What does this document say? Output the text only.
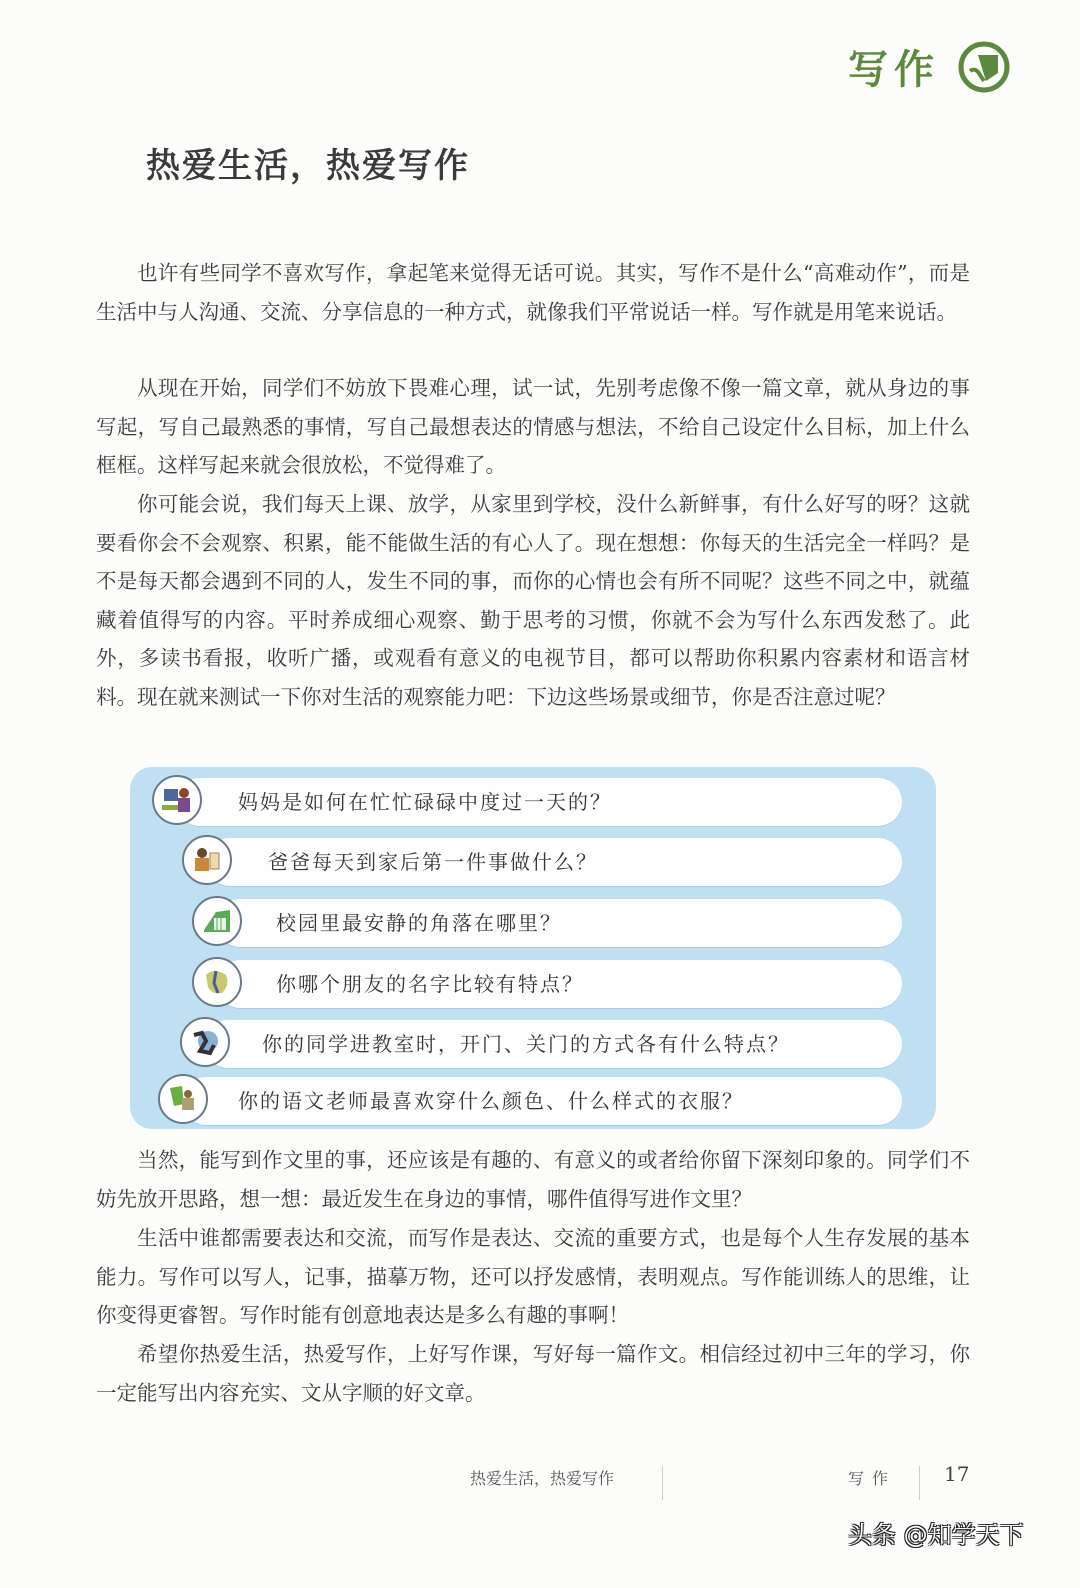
写作
热爱生活，热爱写作

也许有些同学不喜欢写作，拿起笔来觉得无话可说。其实，写作不是什么“高难动作”，而是生活中与人沟通、交流、分享信息的一种方式，就像我们平常说话一样。写作就是用笔来说话。

从现在开始，同学们不妨放下畏难心理，试一试，先别考虑像不像一篇文章，就从身边的事写起，写自己最熟悉的事情，写自己最想表达的情感与想法，不给自己设定什么目标，加上什么框框。这样写起来就会很放松，不觉得难了。

你可能会说，我们每天上课、放学，从家里到学校，没什么新鲜事，有什么好写的呀？这就要看你会不会观察、积累，能不能做生活的有心人了。现在想想：你每天的生活完全一样吗？是不是每天都会遇到不同的人，发生不同的事，而你的心情也会有所不同呢？这些不同之中，就蕴藏着值得写的内容。平时养成细心观察、勤于思考的习惯，你就不会为写什么东西发愁了。此外，多读书看报，收听广播，或观看有意义的电视节目，都可以帮助你积累内容素材和语言材料。现在就来测试一下你对生活的观察能力吧：下边这些场景或细节，你是否注意过呢？

妈妈是如何在忙忙碌碌中度过一天的？
爸爸每天到家后第一件事做什么？
校园里最安静的角落在哪里？
你哪个朋友的名字比较有特点？
你的同学进教室时，开门、关门的方式各有什么特点？
你的语文老师最喜欢穿什么颜色、什么样式的衣服？

当然，能写到作文里的事，还应该是有趣的、有意义的或者给你留下深刻印象的。同学们不妨先放开思路，想一想：最近发生在身边的事情，哪件值得写进作文里？

生活中谁都需要表达和交流，而写作是表达、交流的重要方式，也是每个人生存发展的基本能力。写作可以写人，记事，描摹万物，还可以抒发感情，表明观点。写作能训练人的思维，让你变得更睿智。写作时能有创意地表达是多么有趣的事啊！

希望你热爱生活，热爱写作，上好写作课，写好每一篇作文。相信经过初中三年的学习，你一定能写出内容充实、文从字顺的好文章。

热爱生活，热爱写作	写作 17
头条 @知学天下
